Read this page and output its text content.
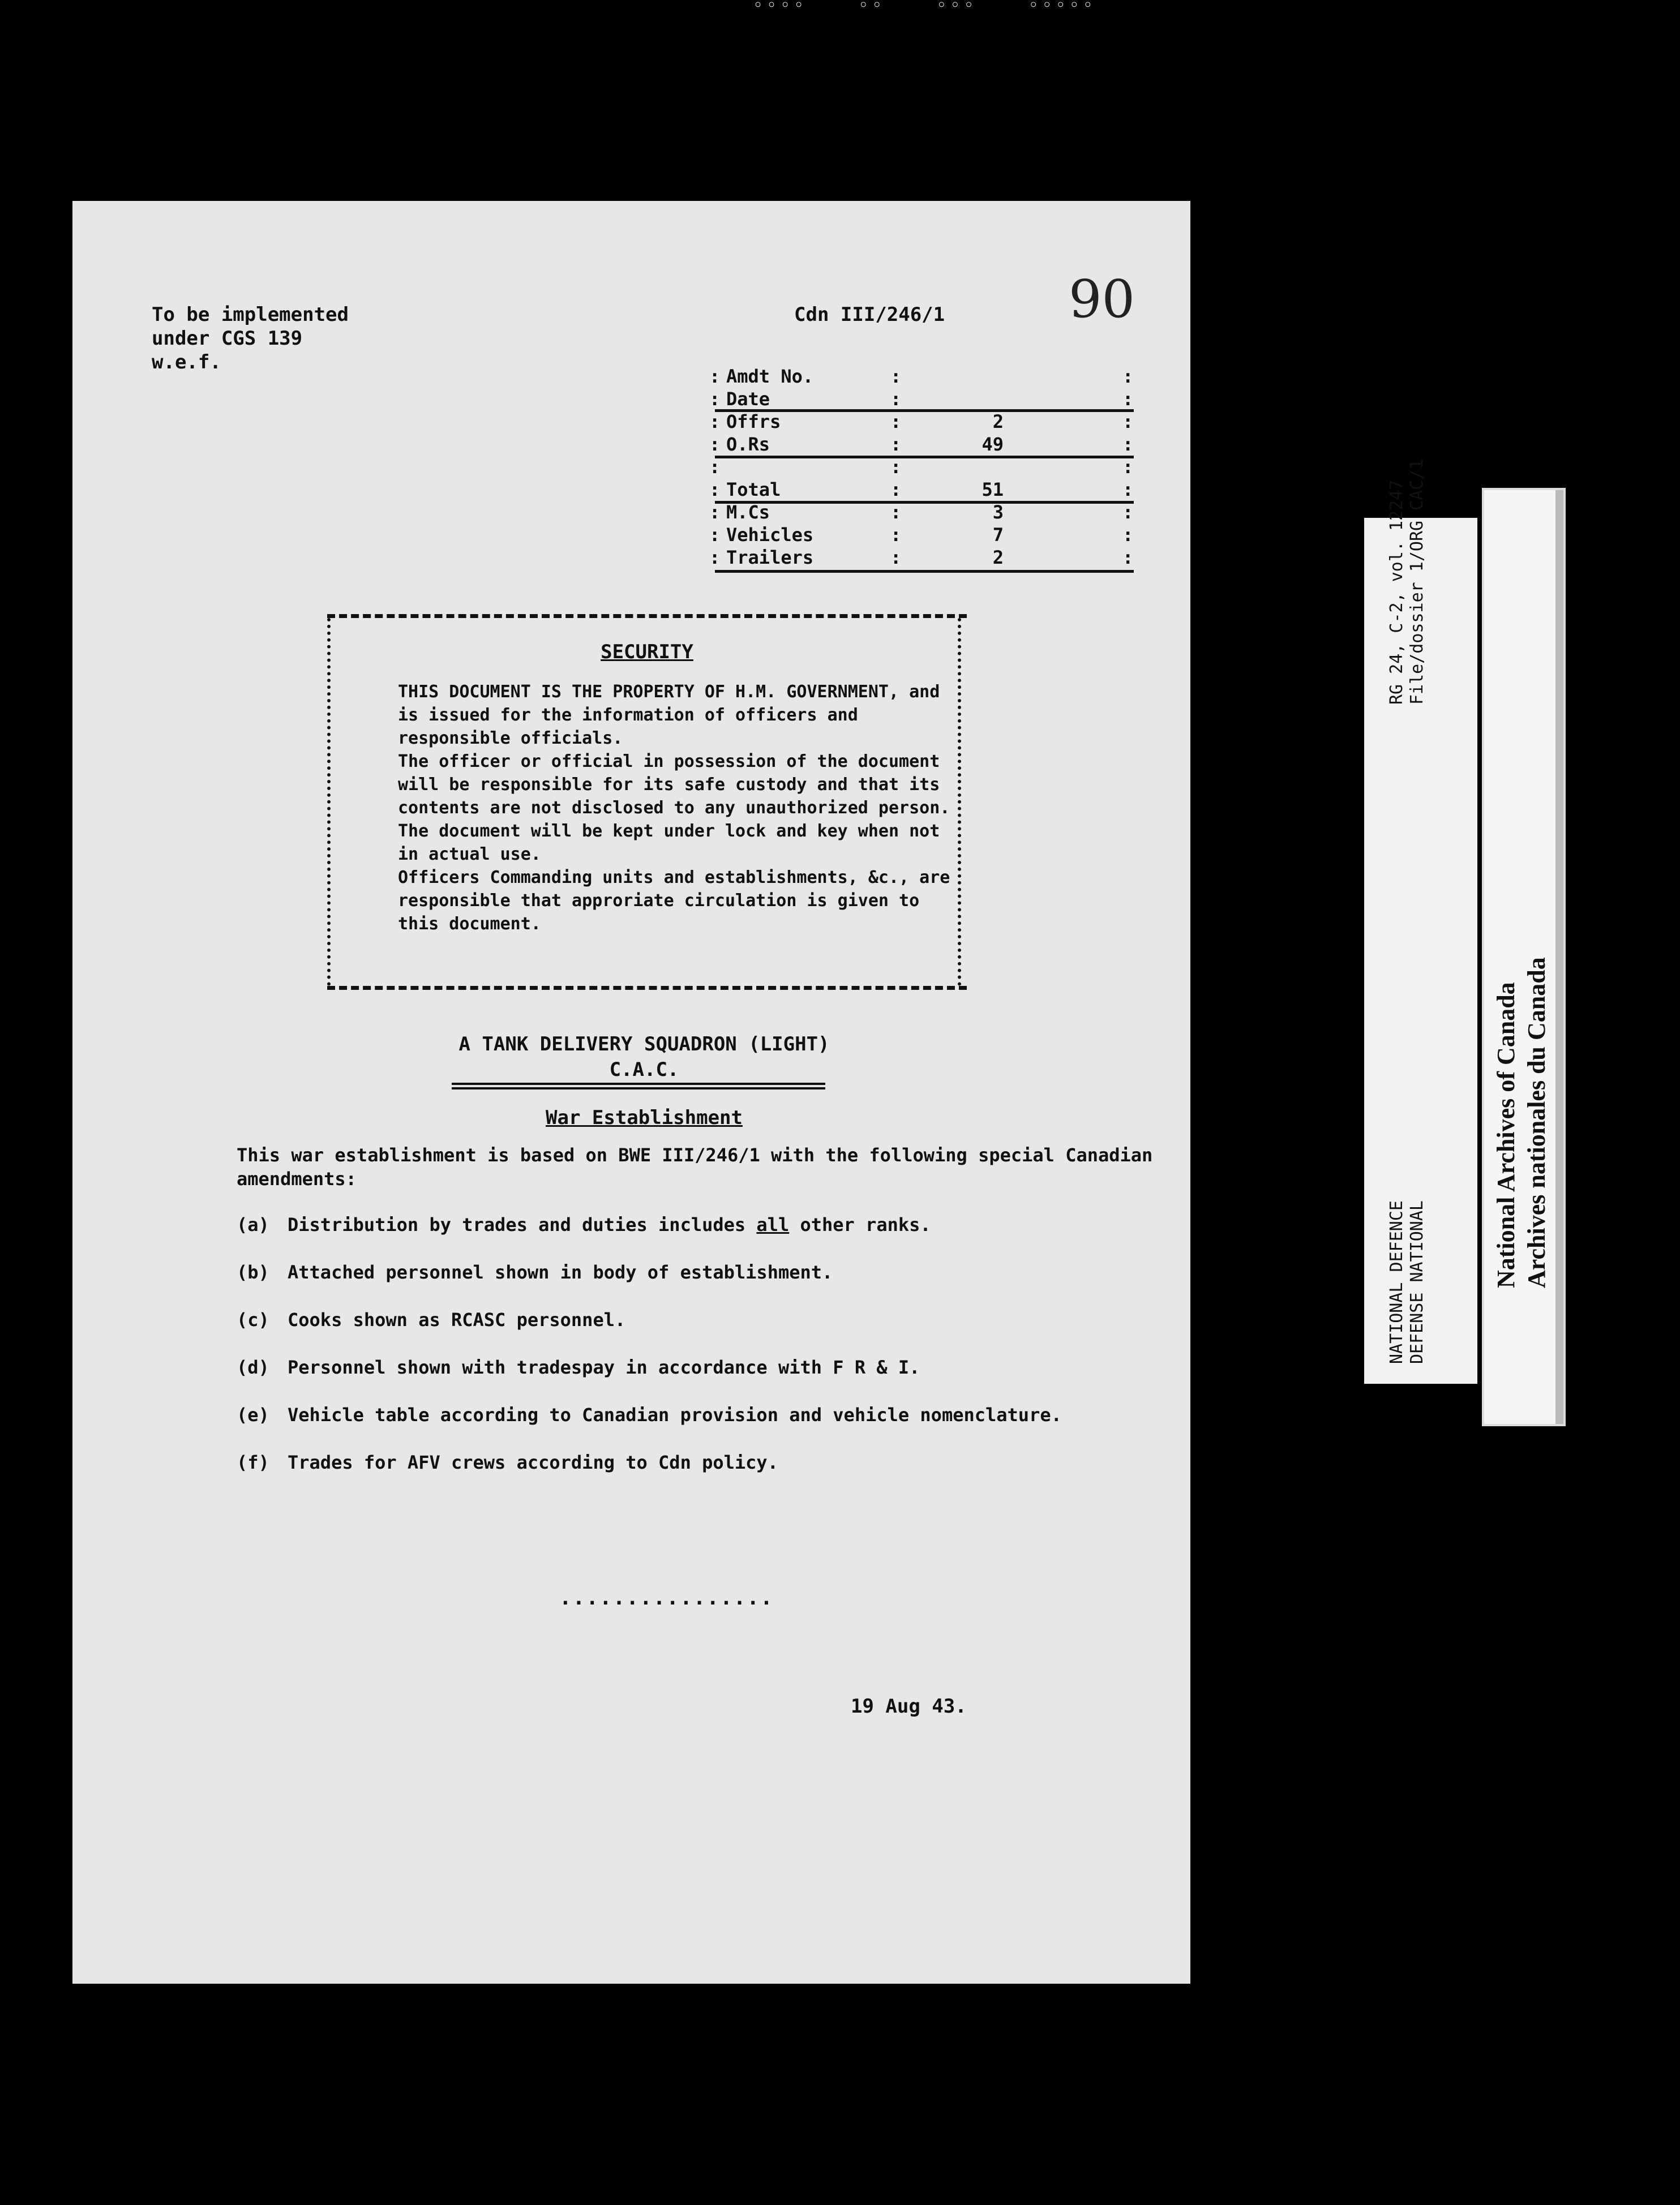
◦◦◦◦	◦◦	◦◦◦	◦◦◦◦◦
To be implemented
under CGS 139
w.e.f.
Cdn III/246/1 90
: Amdt No.	:	:
: Date	:	:
: Offrs	:	2	:
: O.Rs	:	49	:
:	:	:
: Total	:	51	:
: M.Cs	:	3	:
: Vehicles	:	7	:
: Trailers	:	2	:
SECURITY

THIS DOCUMENT IS THE PROPERTY OF H.M. GOVERNMENT, and is issued for the information of officers and responsible officials.

The officer or official in possession of the document will be responsible for its safe custody and that its contents are not disclosed to any unauthorized person.

The document will be kept under lock and key when not in actual use.

Officers Commanding units and establishments, &c., are responsible that approriate circulation is given to this document.

A TANK DELIVERY SQUADRON (LIGHT)
C.A.C.
War Establishment
This war establishment is based on BWE III/246/1 with the following special Canadian amendments:
(a) Distribution by trades and duties includes all other ranks.
(b) Attached personnel shown in body of establishment.
(c) Cooks shown as RCASC personnel.
(d) Personnel shown with tradespay in accordance with F R & I.
(e) Vehicle table according to Canadian provision and vehicle nomenclature.
(f) Trades for AFV crews according to Cdn policy.
................
19 Aug 43.
NATIONAL DEFENCE
DEFENSE NATIONAL
RG 24, C-2, vol. 12247
File/dossier 1/ORG CAC/1
National Archives of Canada Archives nationales du Canada
